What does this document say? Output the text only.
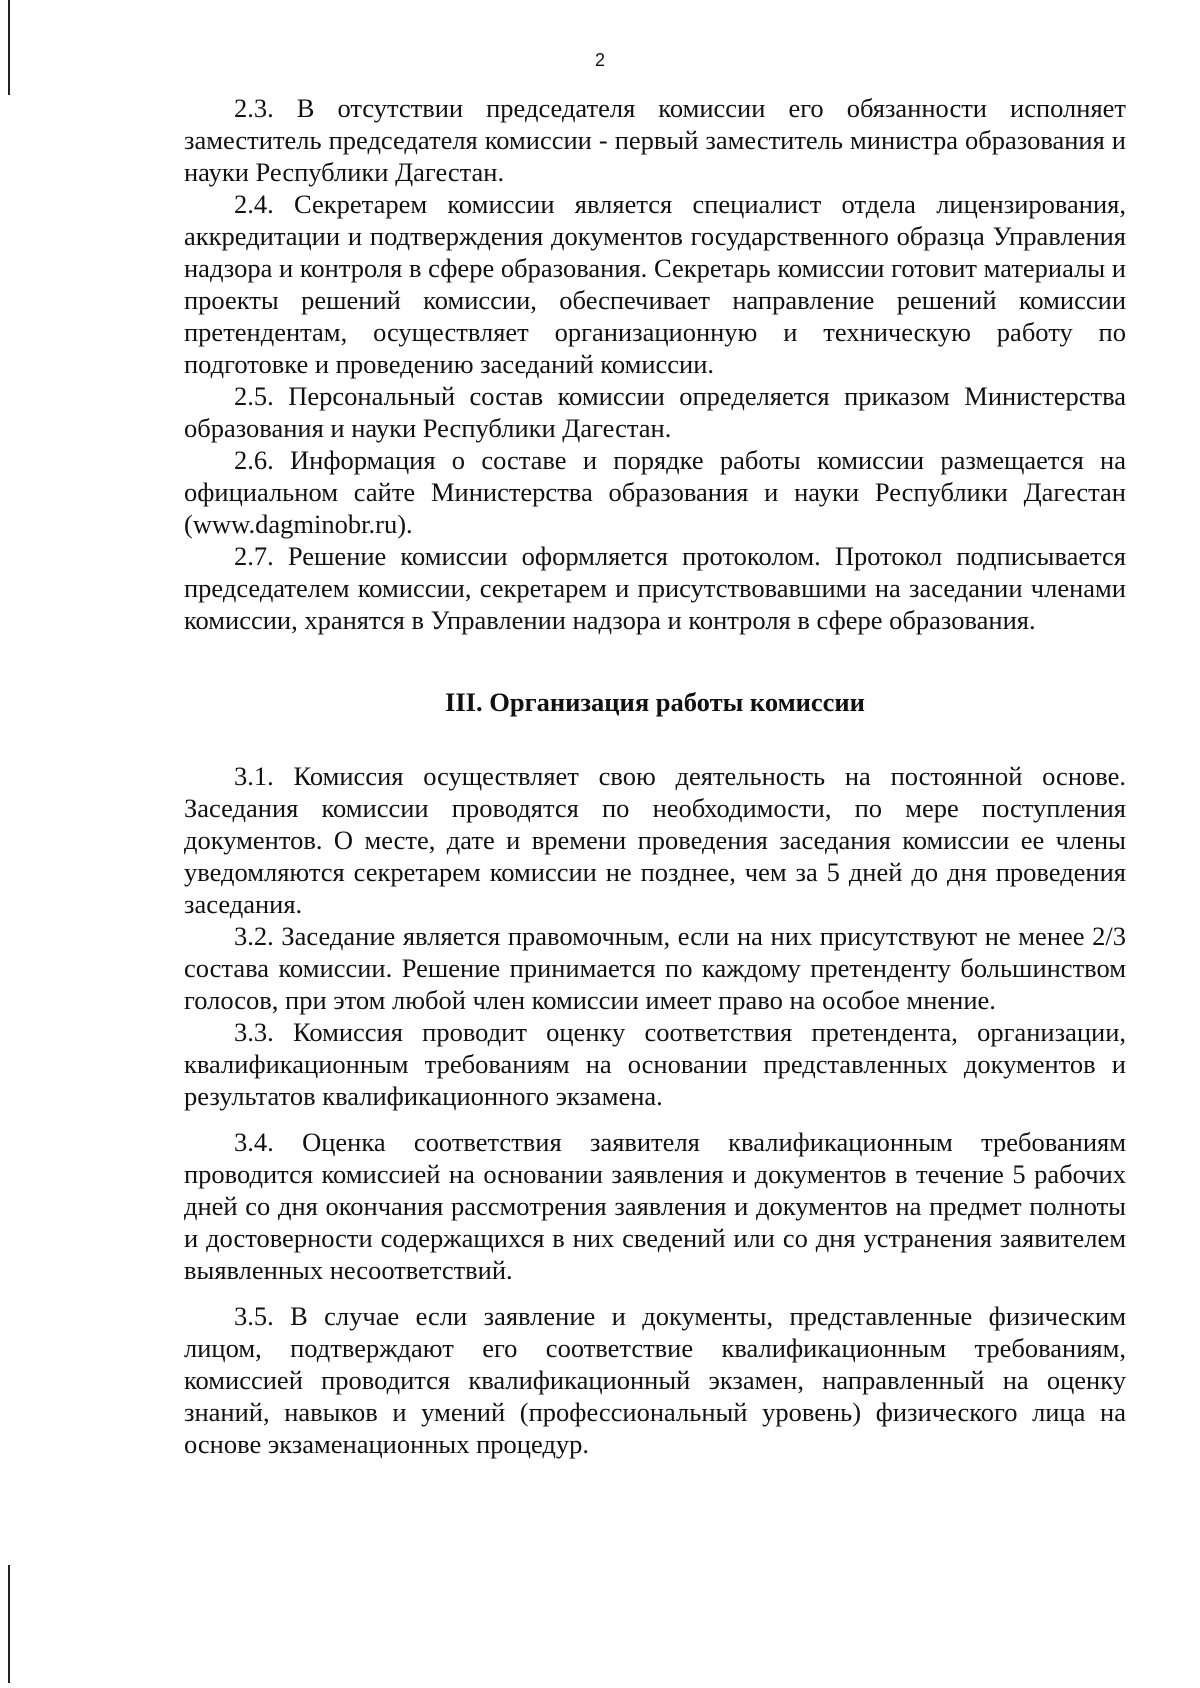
2

2.3. В отсутствии председателя комиссии его обязанности исполняет заместитель председателя комиссии - первый заместитель министра образования и науки Республики Дагестан.

2.4. Секретарем комиссии является специалист отдела лицензирования, аккредитации и подтверждения документов государственного образца Управления надзора и контроля в сфере образования. Секретарь комиссии готовит материалы и проекты решений комиссии, обеспечивает направление решений комиссии претендентам, осуществляет организационную и техническую работу по подготовке и проведению заседаний комиссии.

2.5. Персональный состав комиссии определяется приказом Министерства образования и науки Республики Дагестан.

2.6. Информация о составе и порядке работы комиссии размещается на официальном сайте Министерства образования и науки Республики Дагестан (www.dagminobr.ru).

2.7. Решение комиссии оформляется протоколом. Протокол подписывается председателем комиссии, секретарем и присутствовавшими на заседании членами комиссии, хранятся в Управлении надзора и контроля в сфере образования.

III. Организация работы комиссии

3.1. Комиссия осуществляет свою деятельность на постоянной основе. Заседания комиссии проводятся по необходимости, по мере поступления документов. О месте, дате и времени проведения заседания комиссии ее члены уведомляются секретарем комиссии не позднее, чем за 5 дней до дня проведения заседания.

3.2. Заседание является правомочным, если на них присутствуют не менее 2/3 состава комиссии. Решение принимается по каждому претенденту большинством голосов, при этом любой член комиссии имеет право на особое мнение.

3.3. Комиссия проводит оценку соответствия претендента, организации, квалификационным требованиям на основании представленных документов и результатов квалификационного экзамена.

3.4. Оценка соответствия заявителя квалификационным требованиям проводится комиссией на основании заявления и документов в течение 5 рабочих дней со дня окончания рассмотрения заявления и документов на предмет полноты и достоверности содержащихся в них сведений или со дня устранения заявителем выявленных несоответствий.

3.5. В случае если заявление и документы, представленные физическим лицом, подтверждают его соответствие квалификационным требованиям, комиссией проводится квалификационный экзамен, направленный на оценку знаний, навыков и умений (профессиональный уровень) физического лица на основе экзаменационных процедур.
